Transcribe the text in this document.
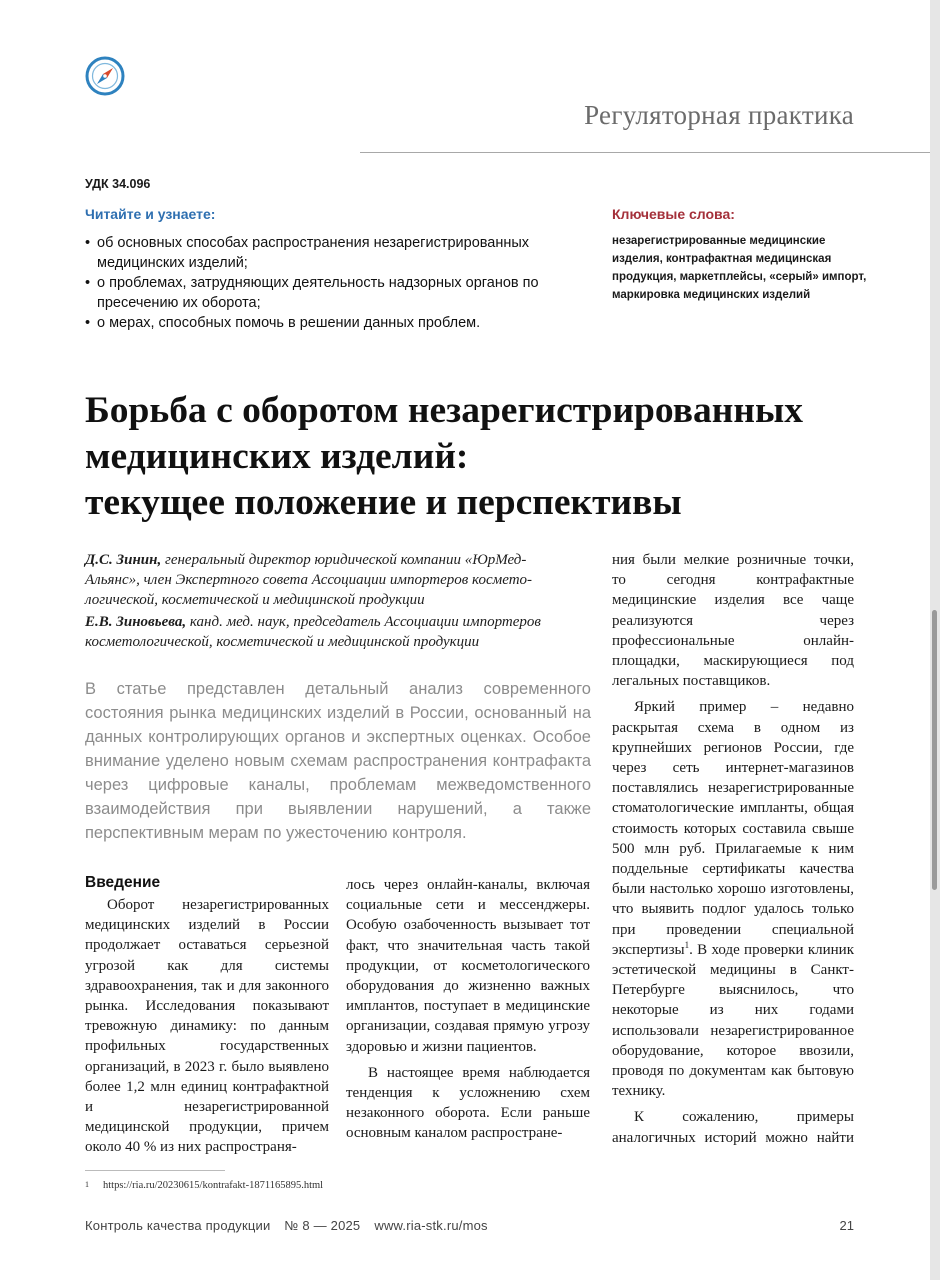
Регуляторная практика
УДК 34.096
Читайте и узнаете:
• об основных способах распространения незарегистрированных медицинских изделий;
• о проблемах, затрудняющих деятельность надзорных органов по пресечению их оборота;
• о мерах, способных помочь в решении данных проблем.
Ключевые слова:
незарегистрированные медицинские изделия, контрафактная медицинская продукция, маркетплейсы, «серый» импорт, маркировка медицинских изделий
Борьба с оборотом незарегистрированных
медицинских изделий:
текущее положение и перспективы
Д.С. Зинин, генеральный директор юридической компании «ЮрМед-Альянс», член Экспертного совета Ассоциации импортеров космето-логической, косметической и медицинской продукции
Е.В. Зиновьева, канд. мед. наук, председатель Ассоциации импортеров косметологической, косметической и медицинской продукции
В статье представлен детальный анализ современного состояния рынка медицинских изделий в России, основанный на данных контролирующих органов и экспертных оценках. Особое внимание уделено новым схемам распространения контрафакта через цифровые каналы, проблемам межведомственного взаимодействия при выявлении нарушений, а также перспективным мерам по ужесточению контроля.
Введение

Оборот незарегистрированных медицинских изделий в России продолжает оставаться серьезной угрозой как для системы здравоохранения, так и для законного рынка. Исследования показывают тревожную динамику: по данным профильных государственных организаций, в 2023 г. было выявлено более 1,2 млн единиц контрафактной и незарегистрированной медицинской продукции, причем около 40 % из них распространя-

лось через онлайн-каналы, включая социальные сети и мессенджеры. Особую озабоченность вызывает тот факт, что значительная часть такой продукции, от косметологического оборудования до жизненно важных имплантов, поступает в медицинские организации, создавая прямую угрозу здоровью и жизни пациентов.

В настоящее время наблюдается тенденция к усложнению схем незаконного оборота. Если раньше основным каналом распростране-

ния были мелкие розничные точки, то сегодня контрафактные медицинские изделия все чаще реализуются через профессиональные онлайн-площадки, маскирующиеся под легальных поставщиков.

Яркий пример – недавно раскрытая схема в одном из крупнейших регионов России, где через сеть интернет-магазинов поставлялись незарегистрированные стоматологические импланты, общая стоимость которых составила свыше 500 млн руб. Прилагаемые к ним поддельные сертификаты качества были настолько хорошо изготовлены, что выявить подлог удалось только при проведении специальной экспертизы$^1$. В ходе проверки клиник эстетической медицины в Санкт-Петербурге выяснилось, что некоторые из них годами использовали незарегистрированное оборудование, которое ввозили, проводя по документам как бытовую технику.

К сожалению, примеры аналогичных историй можно найти

$^1$ https://ria.ru/20230615/kontrafakt-1871165895.html
Контроль качества продукции № 8 — 2025 www.ria-stk.ru/mos	21
